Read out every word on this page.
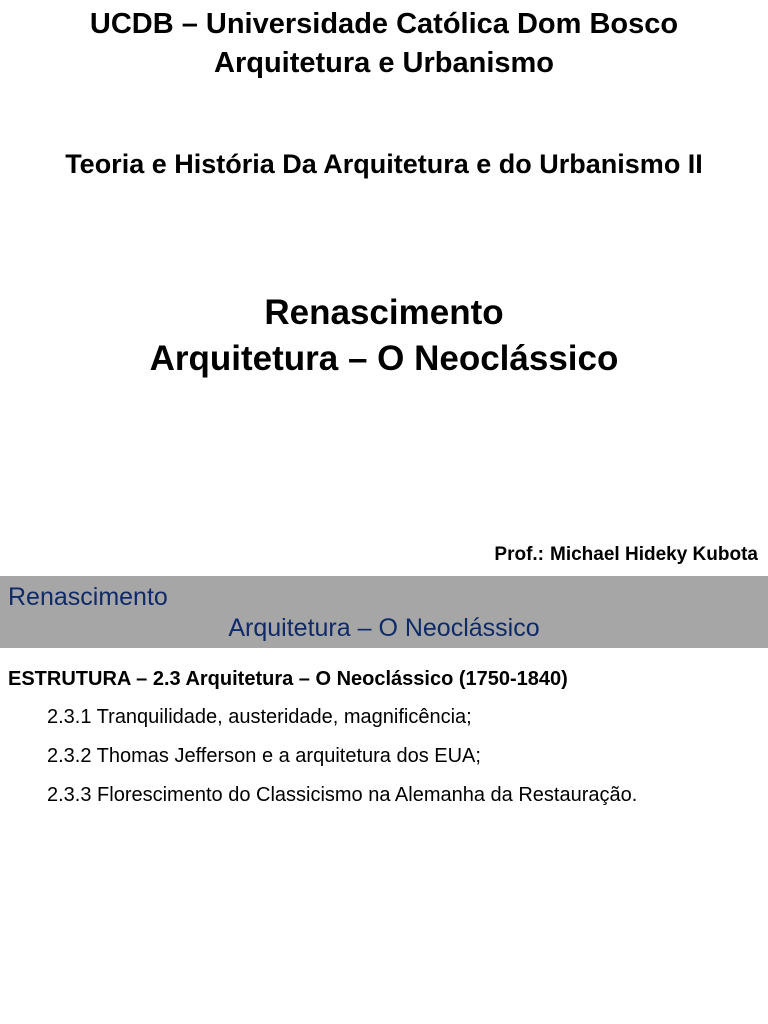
UCDB – Universidade Católica Dom Bosco
Arquitetura e Urbanismo
Teoria e História Da Arquitetura e do Urbanismo II
Renascimento
Arquitetura – O Neoclássico
Prof.: Michael Hideky Kubota
Renascimento
Arquitetura – O Neoclássico
ESTRUTURA – 2.3 Arquitetura – O Neoclássico (1750-1840)
2.3.1 Tranquilidade, austeridade, magnificência;
2.3.2 Thomas Jefferson e a arquitetura dos EUA;
2.3.3 Florescimento do Classicismo na Alemanha da Restauração.
